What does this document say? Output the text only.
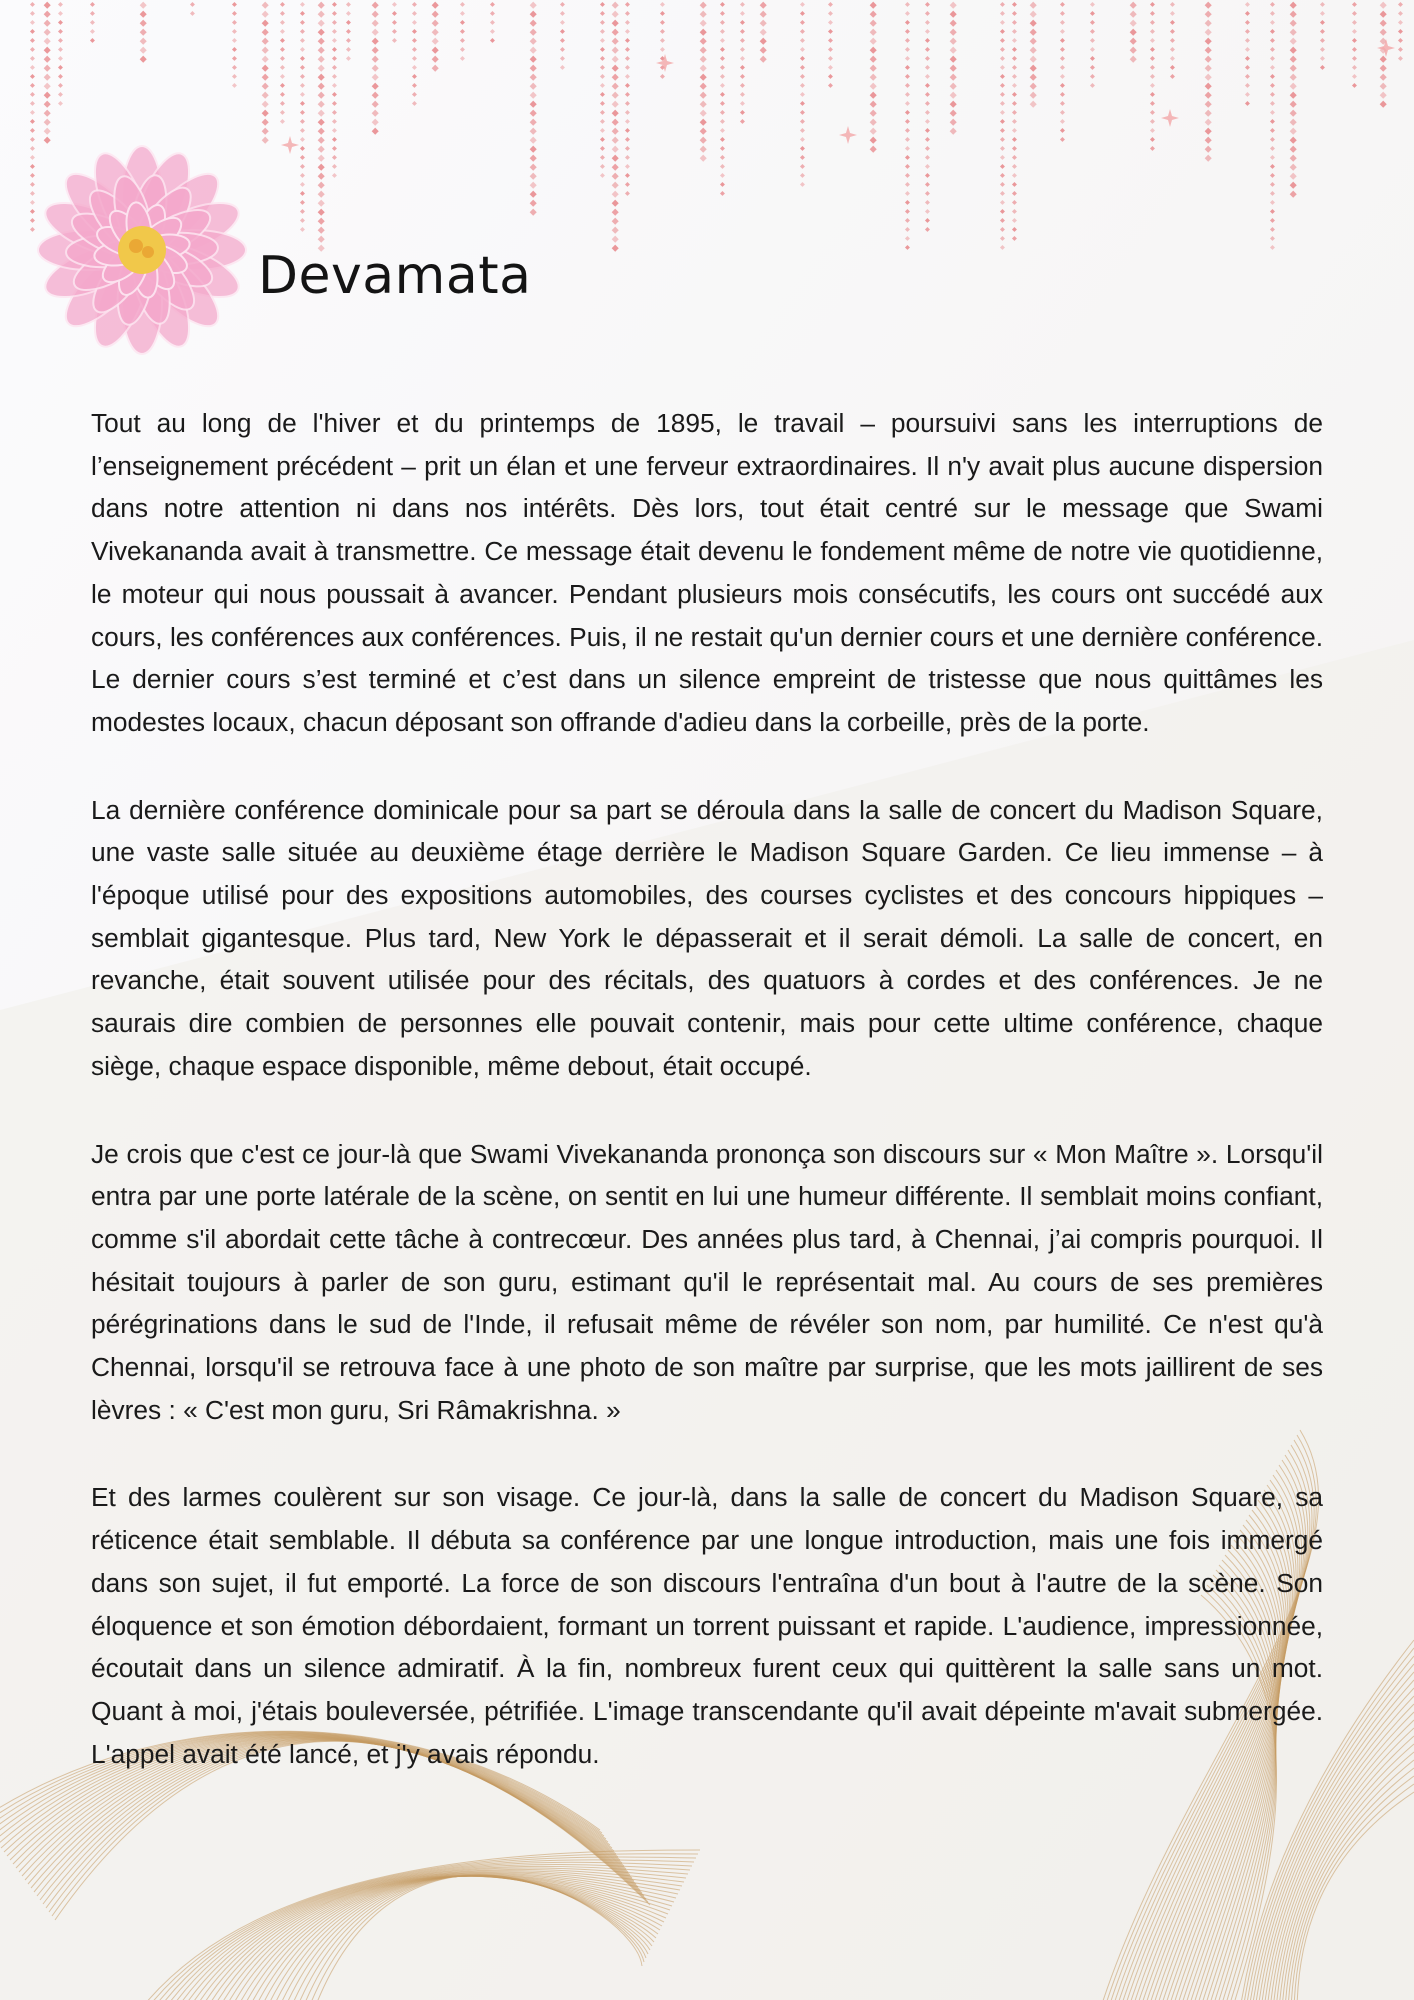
Devamata

Tout au long de l'hiver et du printemps de 1895, le travail – poursuivi sans les interruptions de l’enseignement précédent – prit un élan et une ferveur extraordinaires. Il n'y avait plus aucune dispersion dans notre attention ni dans nos intérêts. Dès lors, tout était centré sur le message que Swami Vivekananda avait à transmettre. Ce message était devenu le fondement même de notre vie quotidienne, le moteur qui nous poussait à avancer. Pendant plusieurs mois consécutifs, les cours ont succédé aux cours, les conférences aux conférences. Puis, il ne restait qu'un dernier cours et une dernière conférence. Le dernier cours s’est terminé et c’est dans un silence empreint de tristesse que nous quittâmes les modestes locaux, chacun déposant son offrande d'adieu dans la corbeille, près de la porte.

La dernière conférence dominicale pour sa part se déroula dans la salle de concert du Madison Square, une vaste salle située au deuxième étage derrière le Madison Square Garden. Ce lieu immense – à l'époque utilisé pour des expositions automobiles, des courses cyclistes et des concours hippiques – semblait gigantesque. Plus tard, New York le dépasserait et il serait démoli. La salle de concert, en revanche, était souvent utilisée pour des récitals, des quatuors à cordes et des conférences. Je ne saurais dire combien de personnes elle pouvait contenir, mais pour cette ultime conférence, chaque siège, chaque espace disponible, même debout, était occupé.

Je crois que c'est ce jour-là que Swami Vivekananda prononça son discours sur « Mon Maître ». Lorsqu'il entra par une porte latérale de la scène, on sentit en lui une humeur différente. Il semblait moins confiant, comme s'il abordait cette tâche à contrecœur. Des années plus tard, à Chennai, j’ai compris pourquoi. Il hésitait toujours à parler de son guru, estimant qu'il le représentait mal. Au cours de ses premières pérégrinations dans le sud de l'Inde, il refusait même de révéler son nom, par humilité. Ce n'est qu'à Chennai, lorsqu'il se retrouva face à une photo de son maître par surprise, que les mots jaillirent de ses lèvres : « C'est mon guru, Sri Râmakrishna. »

Et des larmes coulèrent sur son visage. Ce jour-là, dans la salle de concert du Madison Square, sa réticence était semblable. Il débuta sa conférence par une longue introduction, mais une fois immergé dans son sujet, il fut emporté. La force de son discours l'entraîna d'un bout à l'autre de la scène. Son éloquence et son émotion débordaient, formant un torrent puissant et rapide. L'audience, impressionnée, écoutait dans un silence admiratif. À la fin, nombreux furent ceux qui quittèrent la salle sans un mot. Quant à moi, j'étais bouleversée, pétrifiée. L'image transcendante qu'il avait dépeinte m'avait submergée. L'appel avait été lancé, et j'y avais répondu.
